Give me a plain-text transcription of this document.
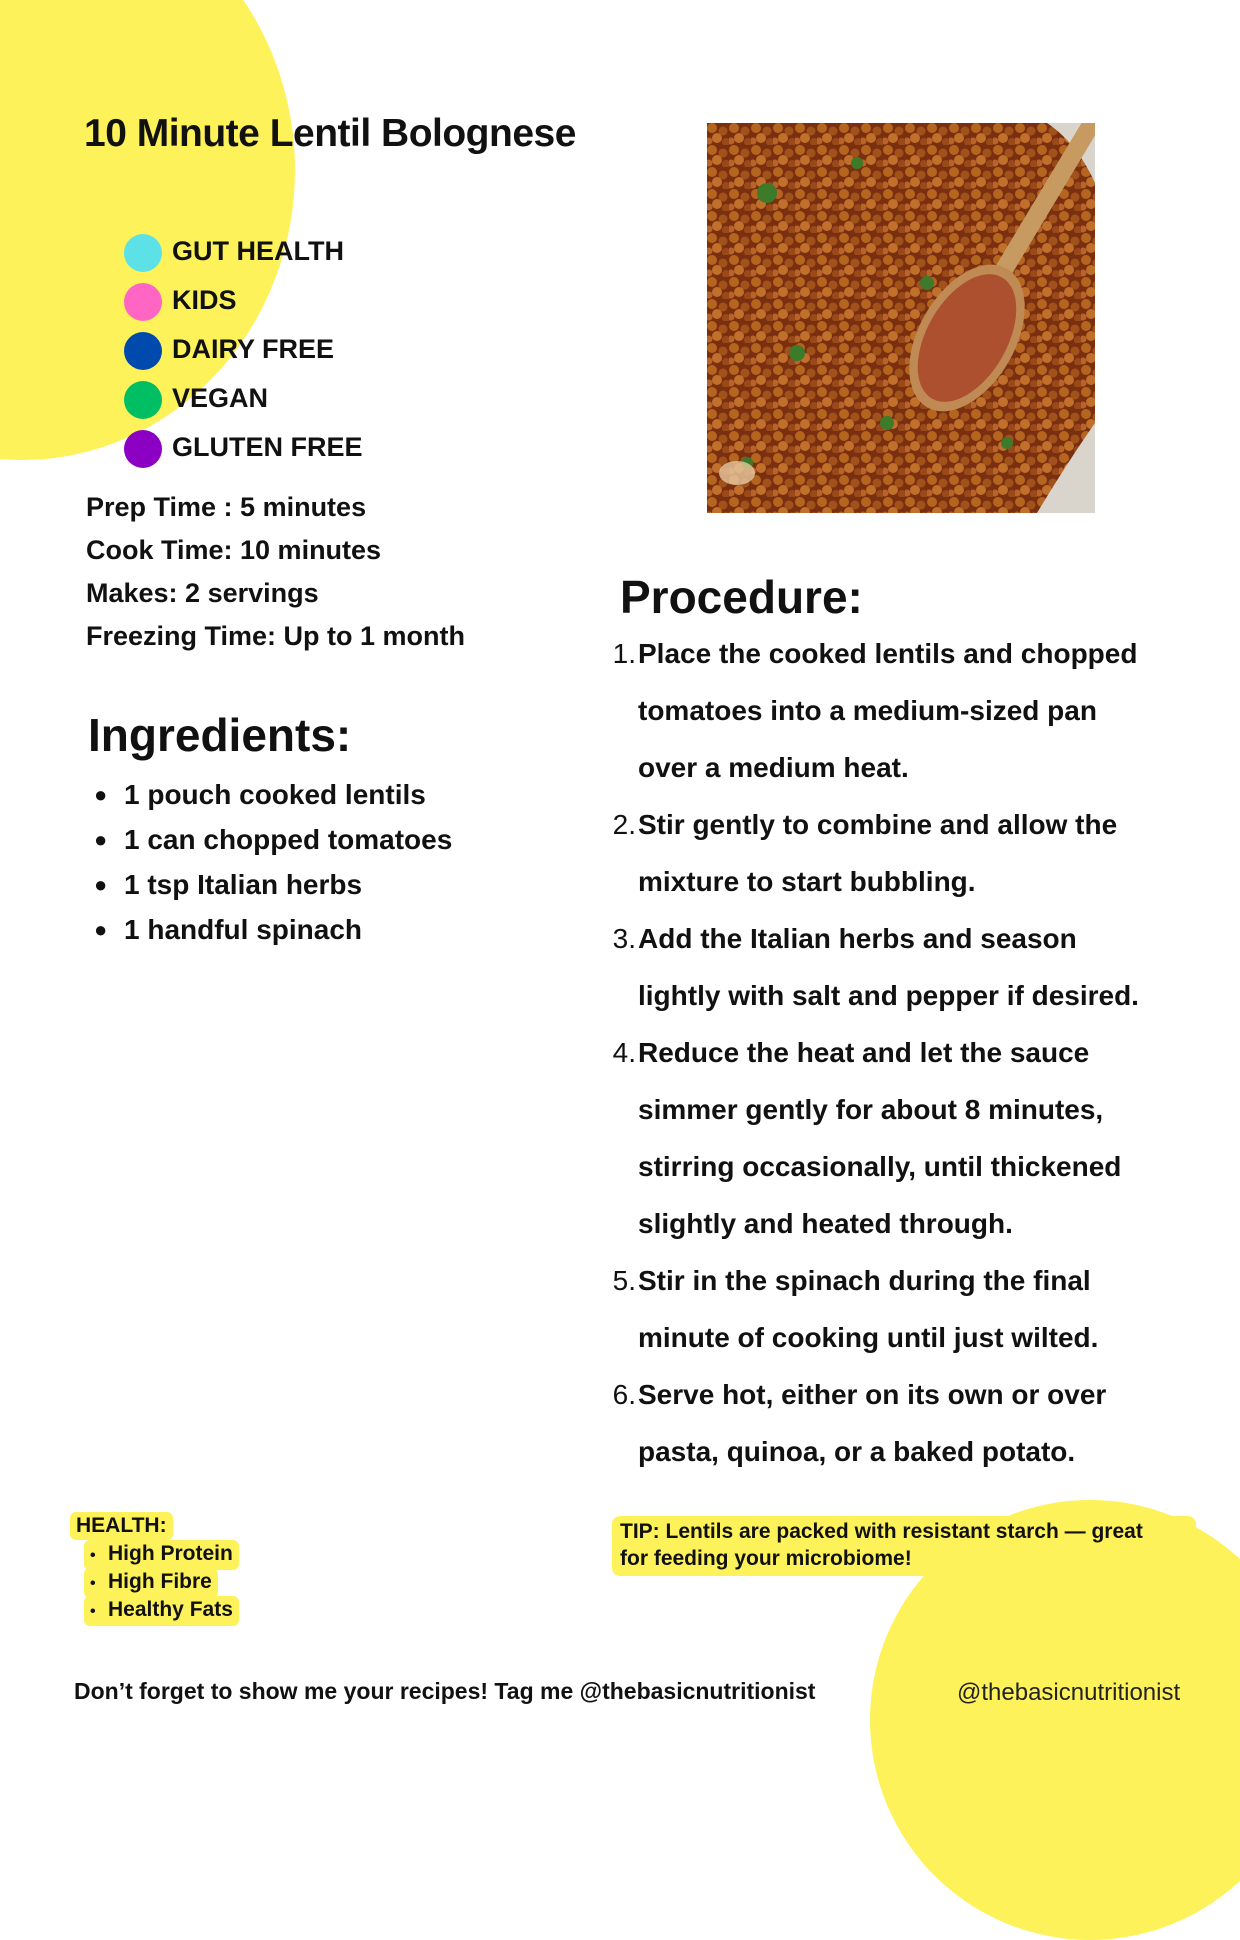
10 Minute Lentil Bolognese
GUT HEALTH
KIDS
DAIRY FREE
VEGAN
GLUTEN FREE
Prep Time : 5 minutes
Cook Time: 10 minutes
Makes: 2 servings
Freezing Time: Up to 1 month
Ingredients:
● 1 pouch cooked lentils
● 1 can chopped tomatoes
● 1 tsp Italian herbs
● 1 handful spinach
Procedure:
1. Place the cooked lentils and chopped
tomatoes into a medium-sized pan
over a medium heat.
2. Stir gently to combine and allow the
mixture to start bubbling.
3. Add the Italian herbs and season
lightly with salt and pepper if desired.
4. Reduce the heat and let the sauce
simmer gently for about 8 minutes,
stirring occasionally, until thickened
slightly and heated through.
5. Stir in the spinach during the final
minute of cooking until just wilted.
6. Serve hot, either on its own or over
pasta, quinoa, or a baked potato.
HEALTH:
• High Protein
• High Fibre
• Healthy Fats
TIP: Lentils are packed with resistant starch — great
for feeding your microbiome!
Don’t forget to show me your recipes! Tag me @thebasicnutritionist	@thebasicnutritionist
